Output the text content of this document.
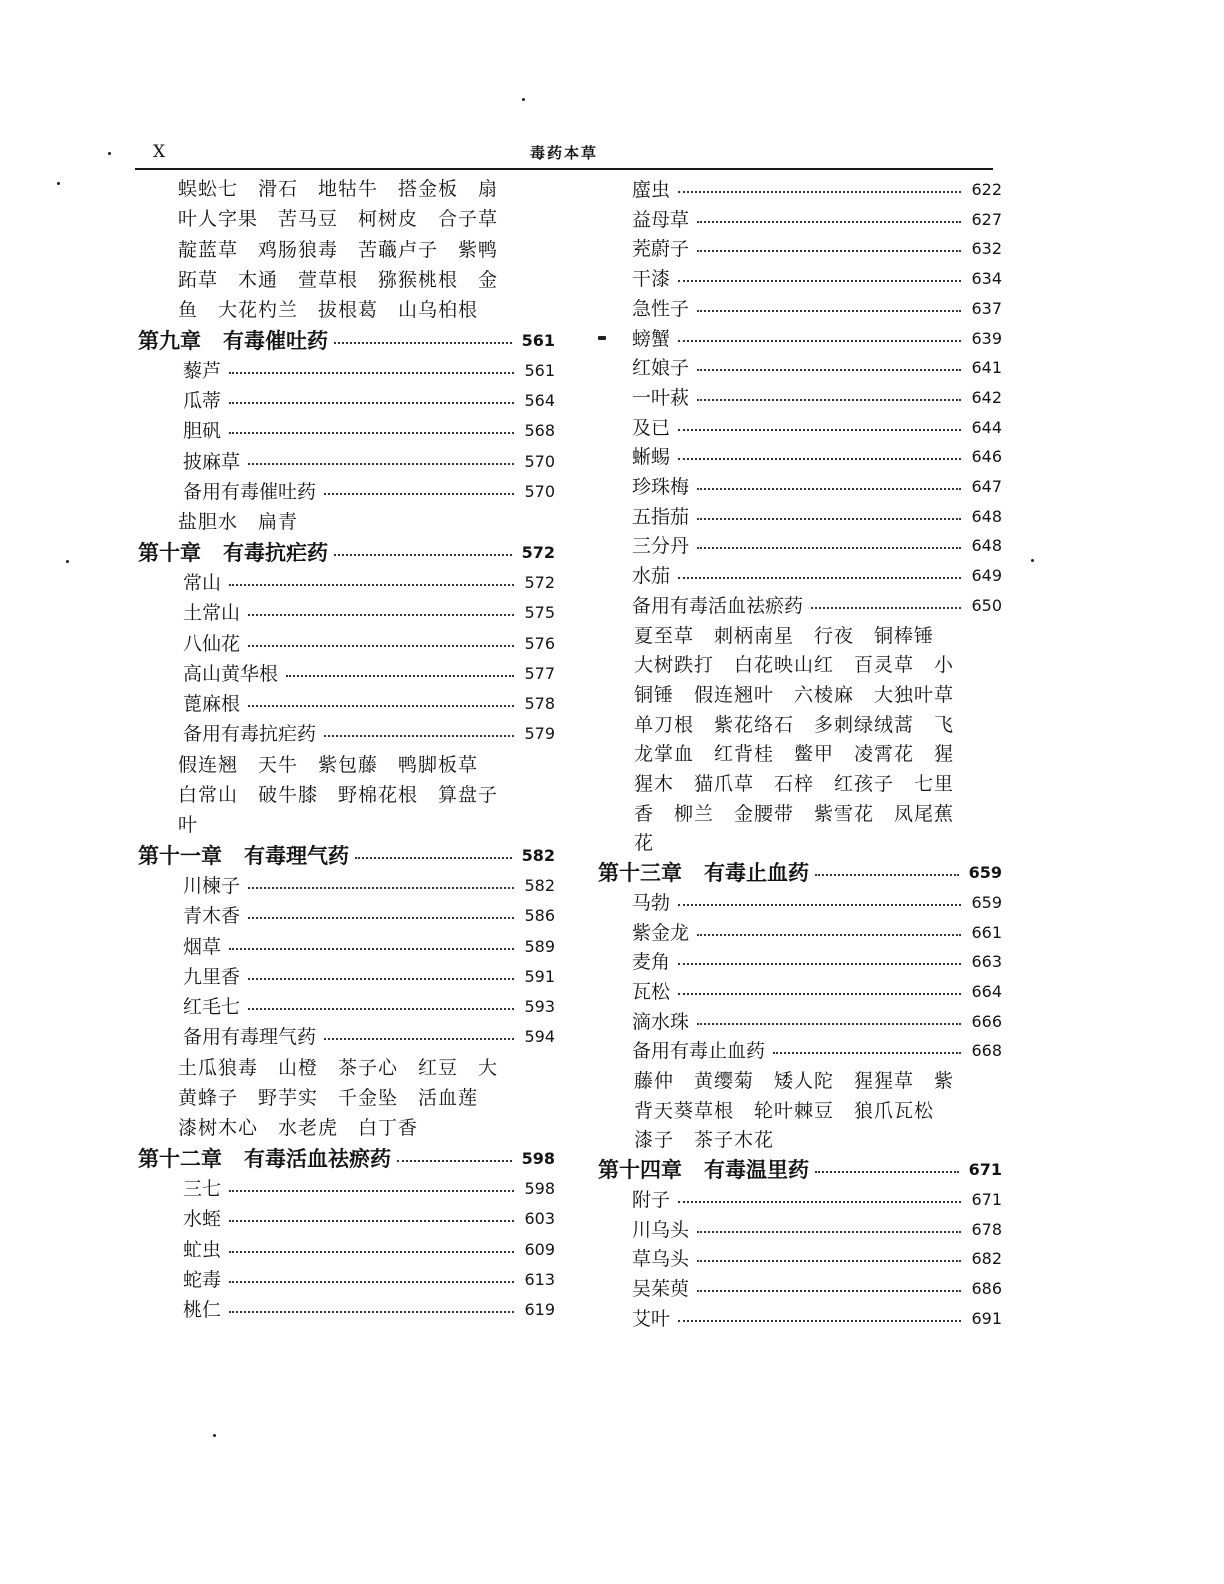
X	毒药本草
蜈蚣七　滑石　地牯牛　搭金板　扇
叶人字果　苦马豆　柯树皮　合子草
靛蓝草　鸡肠狼毒　苦蘵卢子　紫鸭
跖草　木通　萱草根　猕猴桃根　金
鱼　大花杓兰　拔根葛　山乌桕根
第九章	有毒催吐药	561
藜芦	561
瓜蒂	564
胆矾	568
披麻草	570
备用有毒催吐药	570
盐胆水　扁青
第十章	有毒抗疟药	572
常山	572
土常山	575
八仙花	576
高山黄华根	577
蓖麻根	578
备用有毒抗疟药	579
假连翘　天牛　紫包藤　鸭脚板草
白常山　破牛膝　野棉花根　算盘子
叶
第十一章	有毒理气药	582
川楝子	582
青木香	586
烟草	589
九里香	591
红毛七	593
备用有毒理气药	594
土瓜狼毒　山橙　茶子心　红豆　大
黄蜂子　野芋实　千金坠　活血莲
漆树木心　水老虎　白丁香
第十二章	有毒活血祛瘀药	598
三七	598
水蛭	603
虻虫	609
蛇毒	613
桃仁	619
䗪虫	622
益母草	627
茺蔚子	632
干漆	634
急性子	637
螃蟹	639
红娘子	641
一叶萩	642
及已	644
蜥蜴	646
珍珠梅	647
五指茄	648
三分丹	648
水茄	649
备用有毒活血祛瘀药	650
夏至草　刺柄南星　行夜　铜棒锤
大树跌打　白花映山红　百灵草　小
铜锤　假连翘叶　六棱麻　大独叶草
单刀根　紫花络石　多刺绿绒蒿　飞
龙掌血　红背桂　鳖甲　凌霄花　猩
猩木　猫爪草　石梓　红孩子　七里
香　柳兰　金腰带　紫雪花　凤尾蕉
花
第十三章	有毒止血药	659
马勃	659
紫金龙	661
麦角	663
瓦松	664
滴水珠	666
备用有毒止血药	668
藤仲　黄缨菊　矮人陀　猩猩草　紫
背天葵草根　轮叶棘豆　狼爪瓦松
漆子　茶子木花
第十四章	有毒温里药	671
附子	671
川乌头	678
草乌头	682
吴茱萸	686
艾叶	691
